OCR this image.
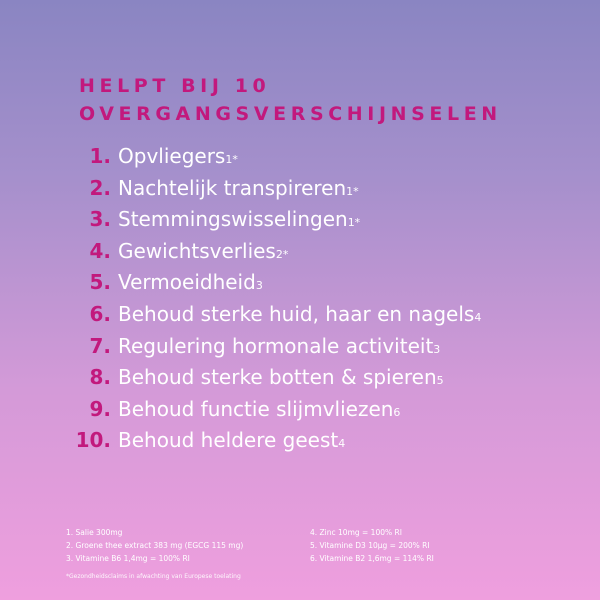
HELPT BIJ 10
OVERGANGSVERSCHIJNSELEN
1. Opvliegers 1*
2. Nachtelijk transpireren 1*
3. Stemmingswisselingen 1*
4. Gewichtsverlies 2*
5. Vermoeidheid 3
6. Behoud sterke huid, haar en nagels 4
7. Regulering hormonale activiteit 3
8. Behoud sterke botten & spieren 5
9. Behoud functie slijmvliezen 6
10. Behoud heldere geest 4
1. Salie 300mg
2. Groene thee extract 383 mg (EGCG 115 mg)
3. Vitamine B6 1,4mg = 100% RI
4. Zinc 10mg = 100% RI
5. Vitamine D3 10µg = 200% RI
6. Vitamine B2 1,6mg = 114% RI
*Gezondheidsclaims in afwachting van Europese toelating
